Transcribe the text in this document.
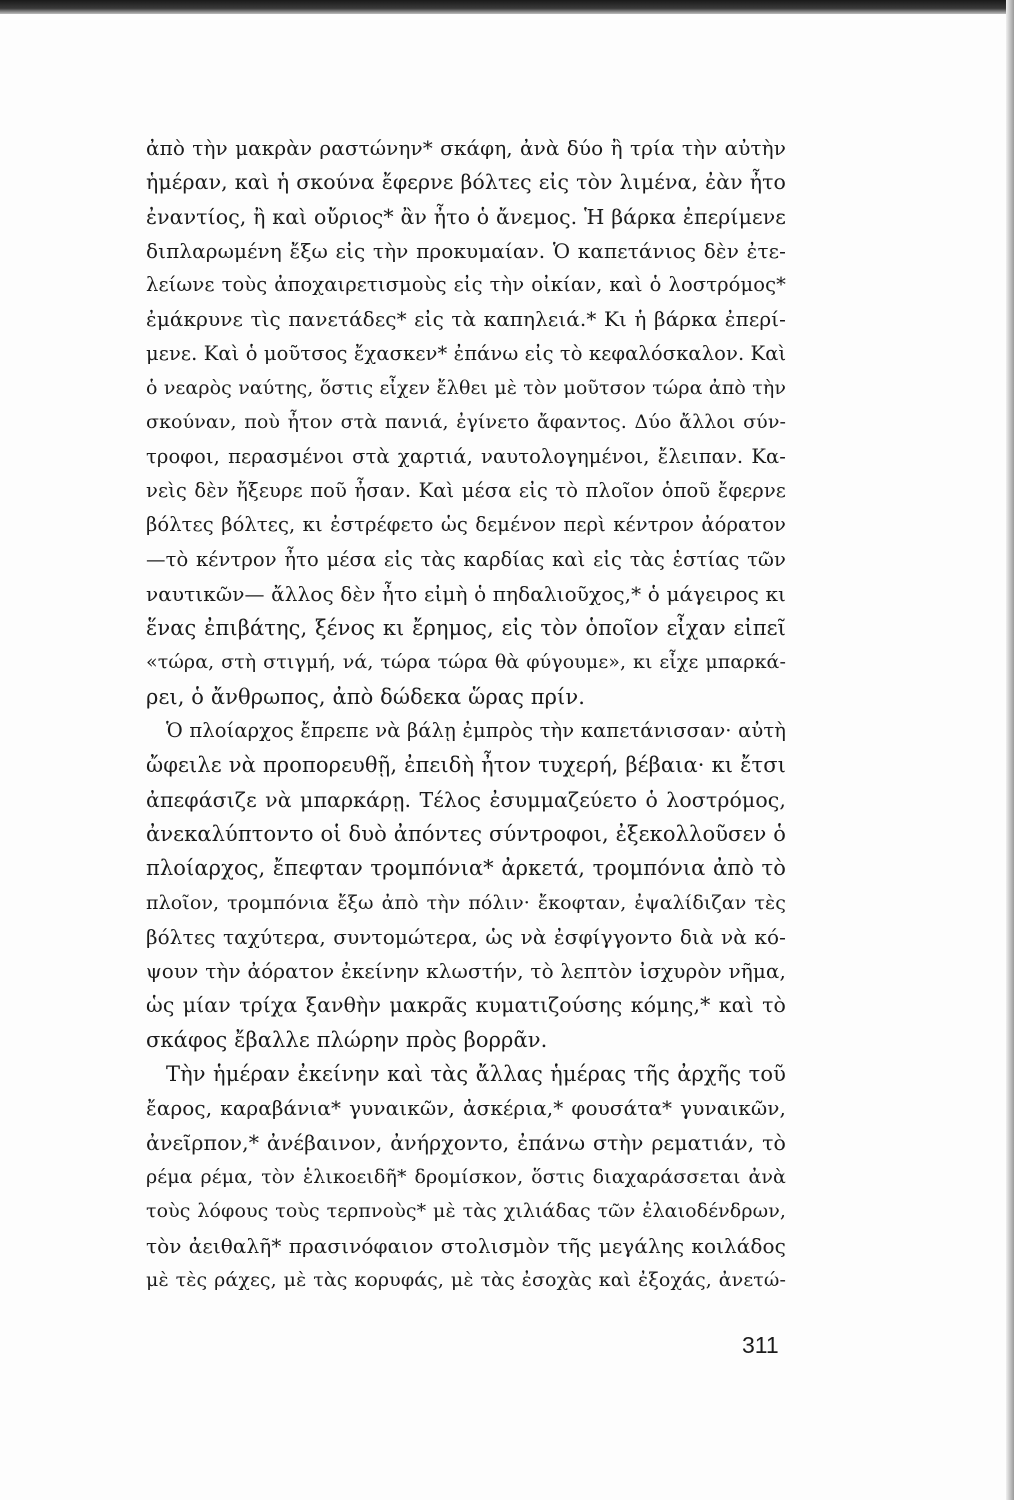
ἀπὸ τὴν μακρὰν ραστώνην* σκάφη, ἀνὰ δύο ἢ τρία τὴν αὐτὴν
ἡμέραν, καὶ ἡ σκούνα ἔφερνε βόλτες εἰς τὸν λιμένα, ἐὰν ἦτο
ἐναντίος, ἢ καὶ οὔριος* ἂν ἦτο ὁ ἄνεμος. Ἡ βάρκα ἐπερίμενε
διπλαρωμένη ἔξω εἰς τὴν προκυμαίαν. Ὁ καπετάνιος δὲν ἐτε-
λείωνε τοὺς ἀποχαιρετισμοὺς εἰς τὴν οἰκίαν, καὶ ὁ λοστρόμος*
ἐμάκρυνε τὶς πανετάδες* εἰς τὰ καπηλειά.* Κι ἡ βάρκα ἐπερί-
μενε. Καὶ ὁ μοῦτσος ἔχασκεν* ἐπάνω εἰς τὸ κεφαλόσκαλον. Καὶ
ὁ νεαρὸς ναύτης, ὅστις εἶχεν ἔλθει μὲ τὸν μοῦτσον τώρα ἀπὸ τὴν
σκούναν, ποὺ ἦτον στὰ πανιά, ἐγίνετο ἄφαντος. Δύο ἄλλοι σύν-
τροφοι, περασμένοι στὰ χαρτιά, ναυτολογημένοι, ἔλειπαν. Κα-
νεὶς δὲν ἤξευρε ποῦ ἦσαν. Καὶ μέσα εἰς τὸ πλοῖον ὁποῦ ἔφερνε
βόλτες βόλτες, κι ἐστρέφετο ὡς δεμένον περὶ κέντρον ἀόρατον
—τὸ κέντρον ἦτο μέσα εἰς τὰς καρδίας καὶ εἰς τὰς ἑστίας τῶν
ναυτικῶν— ἄλλος δὲν ἦτο εἰμὴ ὁ πηδαλιοῦχος,* ὁ μάγειρος κι
ἕνας ἐπιβάτης, ξένος κι ἔρημος, εἰς τὸν ὁποῖον εἶχαν εἰπεῖ
«τώρα, στὴ στιγμή, νά, τώρα τώρα θὰ φύγουμε», κι εἶχε μπαρκά-
ρει, ὁ ἄνθρωπος, ἀπὸ δώδεκα ὥρας πρίν.
Ὁ πλοίαρχος ἔπρεπε νὰ βάλῃ ἐμπρὸς τὴν καπετάνισσαν· αὐτὴ
ὤφειλε νὰ προπορευθῇ, ἐπειδὴ ἦτον τυχερή, βέβαια· κι ἔτσι
ἀπεφάσιζε νὰ μπαρκάρῃ. Τέλος ἐσυμμαζεύετο ὁ λοστρόμος,
ἀνεκαλύπτοντο οἱ δυὸ ἀπόντες σύντροφοι, ἐξεκολλοῦσεν ὁ
πλοίαρχος, ἔπεφταν τρομπόνια* ἀρκετά, τρομπόνια ἀπὸ τὸ
πλοῖον, τρομπόνια ἔξω ἀπὸ τὴν πόλιν· ἔκοφταν, ἐψαλίδιζαν τὲς
βόλτες ταχύτερα, συντομώτερα, ὡς νὰ ἐσφίγγοντο διὰ νὰ κό-
ψουν τὴν ἀόρατον ἐκείνην κλωστήν, τὸ λεπτὸν ἰσχυρὸν νῆμα,
ὡς μίαν τρίχα ξανθὴν μακρᾶς κυματιζούσης κόμης,* καὶ τὸ
σκάφος ἔβαλλε πλώρην πρὸς βορρᾶν.
Τὴν ἡμέραν ἐκείνην καὶ τὰς ἄλλας ἡμέρας τῆς ἀρχῆς τοῦ
ἔαρος, καραβάνια* γυναικῶν, ἀσκέρια,* φουσάτα* γυναικῶν,
ἀνεῖρπον,* ἀνέβαινον, ἀνήρχοντο, ἐπάνω στὴν ρεματιάν, τὸ
ρέμα ρέμα, τὸν ἑλικοειδῆ* δρομίσκον, ὅστις διαχαράσσεται ἀνὰ
τοὺς λόφους τοὺς τερπνοὺς* μὲ τὰς χιλιάδας τῶν ἐλαιοδένδρων,
τὸν ἀειθαλῆ* πρασινόφαιον στολισμὸν τῆς μεγάλης κοιλάδος
μὲ τὲς ράχες, μὲ τὰς κορυφάς, μὲ τὰς ἐσοχὰς καὶ ἐξοχάς, ἀνετώ-
311
